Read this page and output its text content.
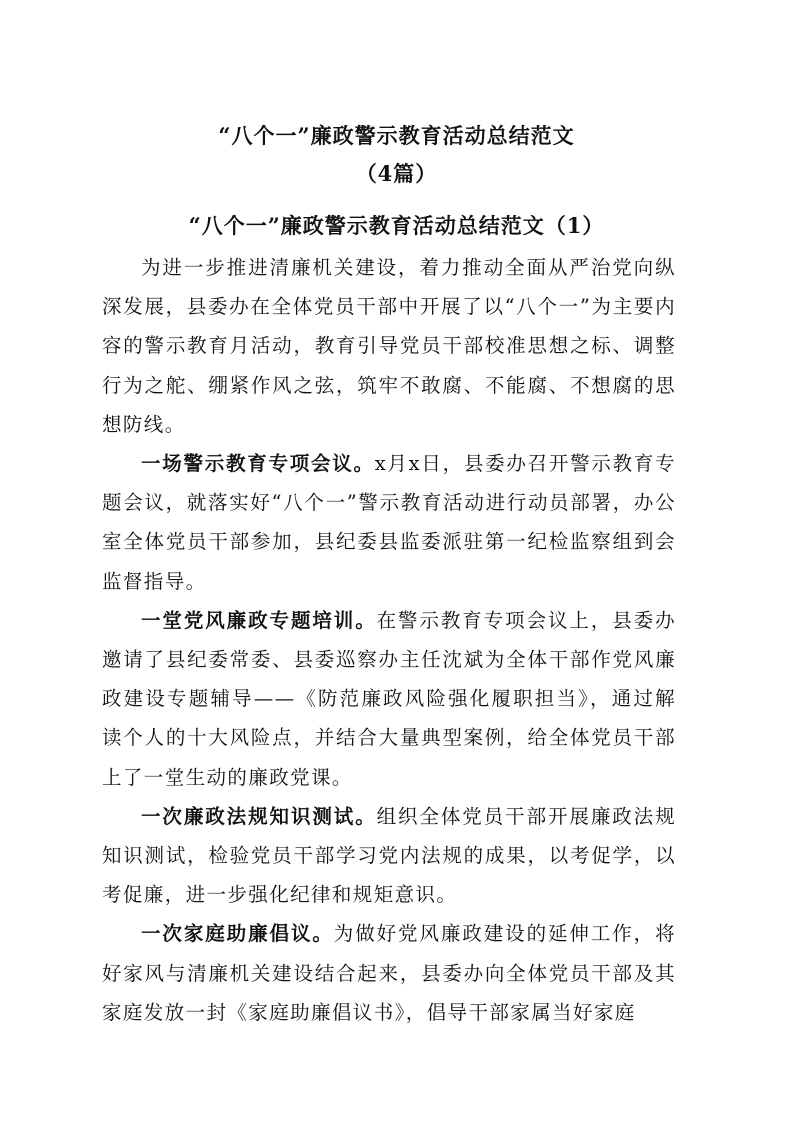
“八个一”廉政警示教育活动总结范文
（4篇）
“八个一”廉政警示教育活动总结范文（1）

为进一步推进清廉机关建设，着力推动全面从严治党向纵深发展，县委办在全体党员干部中开展了以“八个一”为主要内容的警示教育月活动，教育引导党员干部校准思想之标、调整行为之舵、绷紧作风之弦，筑牢不敢腐、不能腐、不想腐的思想防线。

一场警示教育专项会议。x月x日，县委办召开警示教育专题会议，就落实好“八个一”警示教育活动进行动员部署，办公室全体党员干部参加，县纪委县监委派驻第一纪检监察组到会监督指导。

一堂党风廉政专题培训。在警示教育专项会议上，县委办邀请了县纪委常委、县委巡察办主任沈斌为全体干部作党风廉政建设专题辅导——《防范廉政风险强化履职担当》，通过解读个人的十大风险点，并结合大量典型案例，给全体党员干部上了一堂生动的廉政党课。

一次廉政法规知识测试。组织全体党员干部开展廉政法规知识测试，检验党员干部学习党内法规的成果，以考促学，以考促廉，进一步强化纪律和规矩意识。

一次家庭助廉倡议。为做好党风廉政建设的延伸工作，将好家风与清廉机关建设结合起来，县委办向全体党员干部及其家庭发放一封《家庭助廉倡议书》，倡导干部家属当好家庭
